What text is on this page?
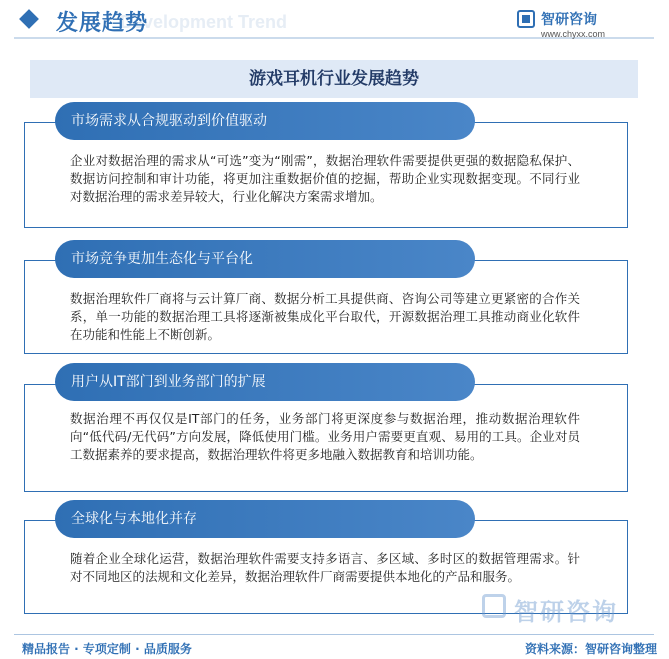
Development Trend
发展趋势	智研咨询
www.chyxx.com
游戏耳机行业发展趋势
市场需求从合规驱动到价值驱动
企业对数据治理的需求从“可选”变为“刚需”，数据治理软件需要提供更强的数据隐私保护、数据访问控制和审计功能，将更加注重数据价值的挖掘，帮助企业实现数据变现。不同行业对数据治理的需求差异较大，行业化解决方案需求增加。
市场竞争更加生态化与平台化
数据治理软件厂商将与云计算厂商、数据分析工具提供商、咨询公司等建立更紧密的合作关系，单一功能的数据治理工具将逐渐被集成化平台取代，开源数据治理工具推动商业化软件在功能和性能上不断创新。
用户从IT部门到业务部门的扩展
数据治理不再仅仅是IT部门的任务，业务部门将更深度参与数据治理，推动数据治理软件向“低代码/无代码”方向发展，降低使用门槛。业务用户需要更直观、易用的工具。企业对员工数据素养的要求提高，数据治理软件将更多地融入数据教育和培训功能。
全球化与本地化并存
随着企业全球化运营，数据治理软件需要支持多语言、多区域、多时区的数据管理需求。针对不同地区的法规和文化差异，数据治理软件厂商需要提供本地化的产品和服务。
智研咨询
精品报告 · 专项定制 · 品质服务	资料来源：智研咨询整理
